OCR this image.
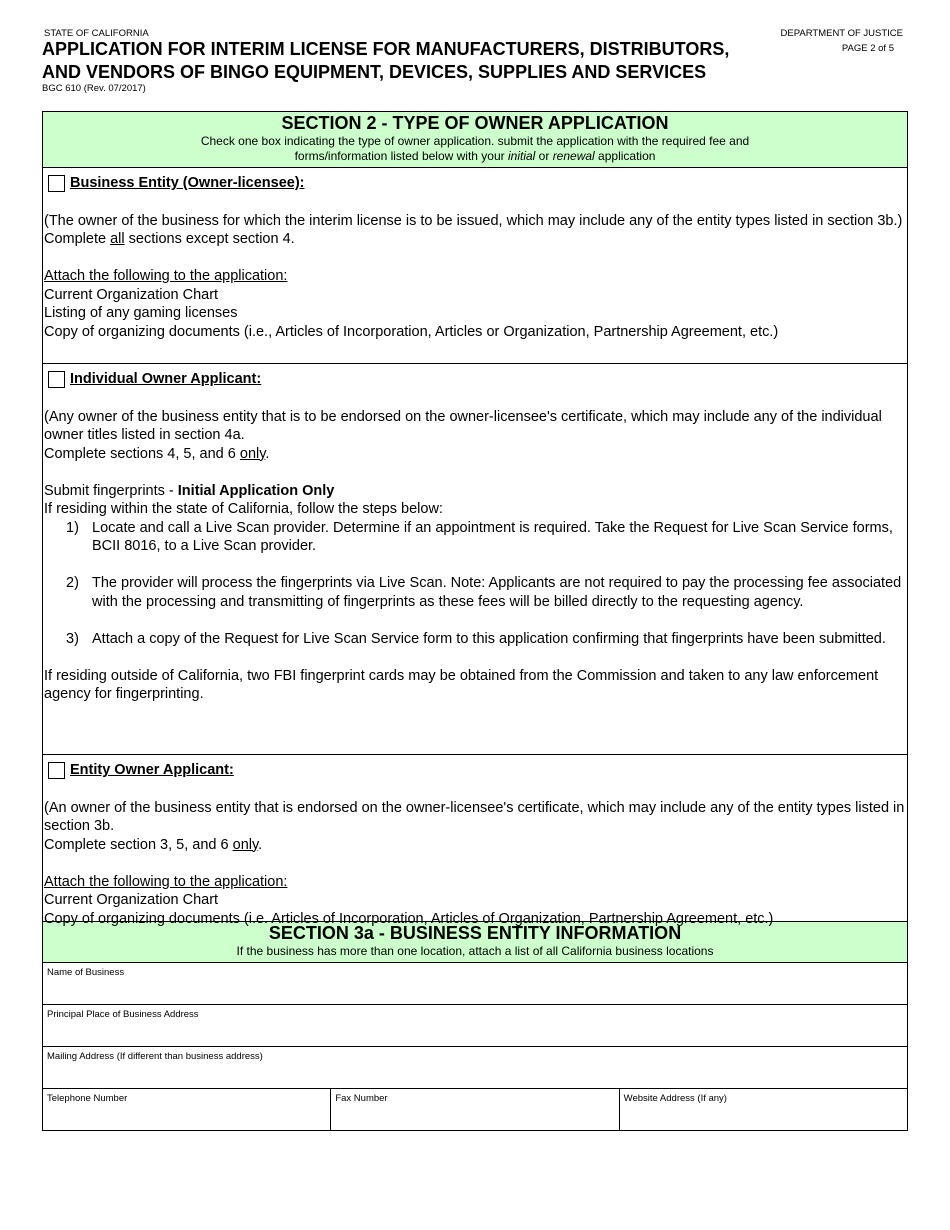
STATE OF CALIFORNIA
APPLICATION FOR INTERIM LICENSE FOR MANUFACTURERS, DISTRIBUTORS,
AND VENDORS OF BINGO EQUIPMENT, DEVICES, SUPPLIES AND SERVICES
BGC 610 (Rev. 07/2017)
DEPARTMENT OF JUSTICE
PAGE 2 of 5
SECTION 2 - TYPE OF OWNER APPLICATION
Check one box indicating the type of owner application. submit the application with the required fee and
forms/information listed below with your initial or renewal application
Business Entity (Owner-licensee):
(The owner of the business for which the interim license is to be issued, which may include any of the entity types listed in section 3b.)
Complete all sections except section 4.
Attach the following to the application:
Current Organization Chart
Listing of any gaming licenses
Copy of organizing documents (i.e., Articles of Incorporation, Articles or Organization, Partnership Agreement, etc.)
Individual Owner Applicant:
(Any owner of the business entity that is to be endorsed on the owner-licensee's certificate, which may include any of the individual owner titles listed in section 4a.
Complete sections 4, 5, and 6 only.
Submit fingerprints - Initial Application Only
If residing within the state of California, follow the steps below:
1) Locate and call a Live Scan provider. Determine if an appointment is required. Take the Request for Live Scan Service forms, BCII 8016, to a Live Scan provider.
2) The provider will process the fingerprints via Live Scan. Note: Applicants are not required to pay the processing fee associated with the processing and transmitting of fingerprints as these fees will be billed directly to the requesting agency.
3) Attach a copy of the Request for Live Scan Service form to this application confirming that fingerprints have been submitted.
If residing outside of California, two FBI fingerprint cards may be obtained from the Commission and taken to any law enforcement agency for fingerprinting.
Entity Owner Applicant:
(An owner of the business entity that is endorsed on the owner-licensee's certificate, which may include any of the entity types listed in section 3b.
Complete section 3, 5, and 6 only.
Attach the following to the application:
Current Organization Chart
Copy of organizing documents (i.e. Articles of Incorporation, Articles of Organization, Partnership Agreement, etc.)
SECTION 3a - BUSINESS ENTITY INFORMATION
If the business has more than one location, attach a list of all California business locations
Name of Business
Principal Place of Business Address
Mailing Address (If different than business address)
Telephone Number	Fax Number	Website Address (If any)
